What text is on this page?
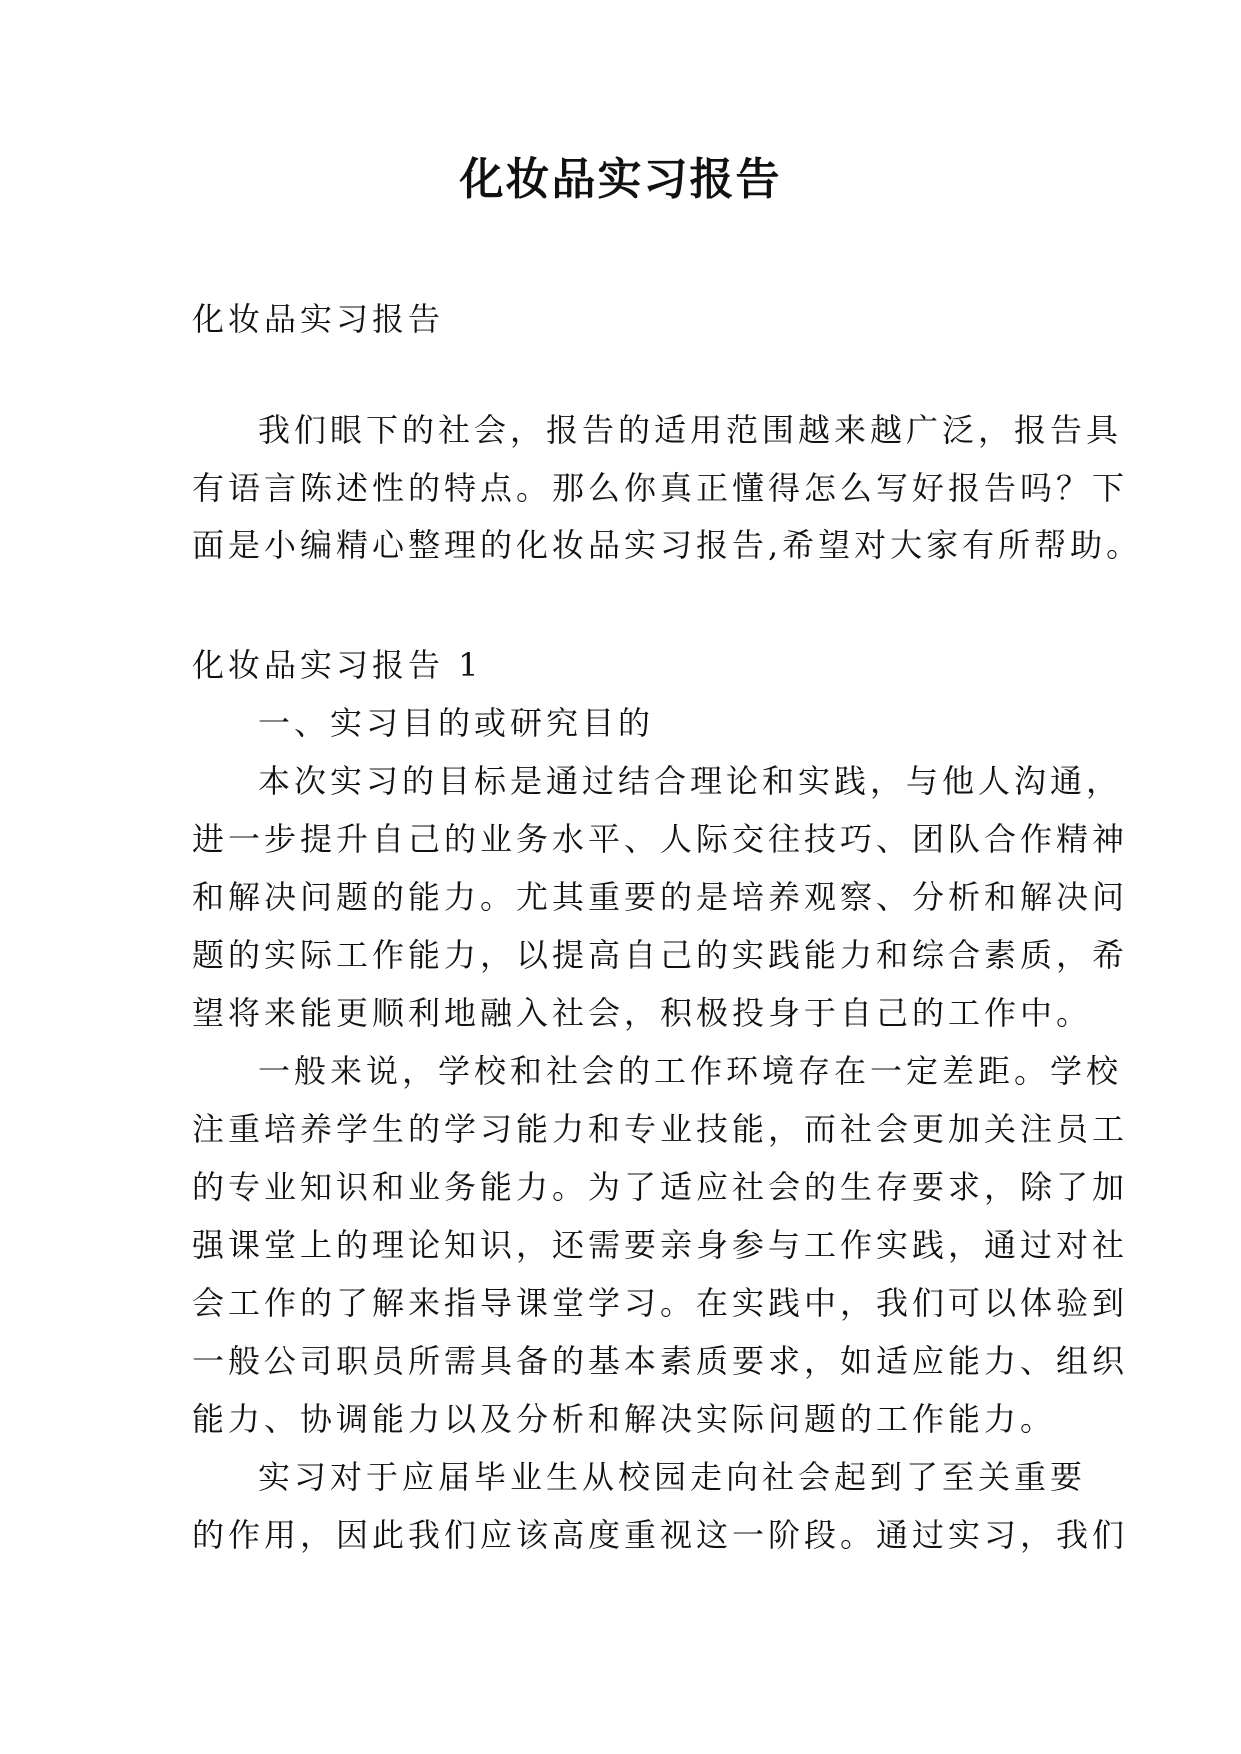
化妆品实习报告
化妆品实习报告
我们眼下的社会，报告的适用范围越来越广泛，报告具
有语言陈述性的特点。那么你真正懂得怎么写好报告吗？下
面是小编精心整理的化妆品实习报告,希望对大家有所帮助。
化妆品实习报告 1
一、实习目的或研究目的
本次实习的目标是通过结合理论和实践，与他人沟通，
进一步提升自己的业务水平、人际交往技巧、团队合作精神
和解决问题的能力。尤其重要的是培养观察、分析和解决问
题的实际工作能力，以提高自己的实践能力和综合素质，希
望将来能更顺利地融入社会，积极投身于自己的工作中。
一般来说，学校和社会的工作环境存在一定差距。学校
注重培养学生的学习能力和专业技能，而社会更加关注员工
的专业知识和业务能力。为了适应社会的生存要求，除了加
强课堂上的理论知识，还需要亲身参与工作实践，通过对社
会工作的了解来指导课堂学习。在实践中，我们可以体验到
一般公司职员所需具备的基本素质要求，如适应能力、组织
能力、协调能力以及分析和解决实际问题的工作能力。
实习对于应届毕业生从校园走向社会起到了至关重要
的作用，因此我们应该高度重视这一阶段。通过实习，我们
